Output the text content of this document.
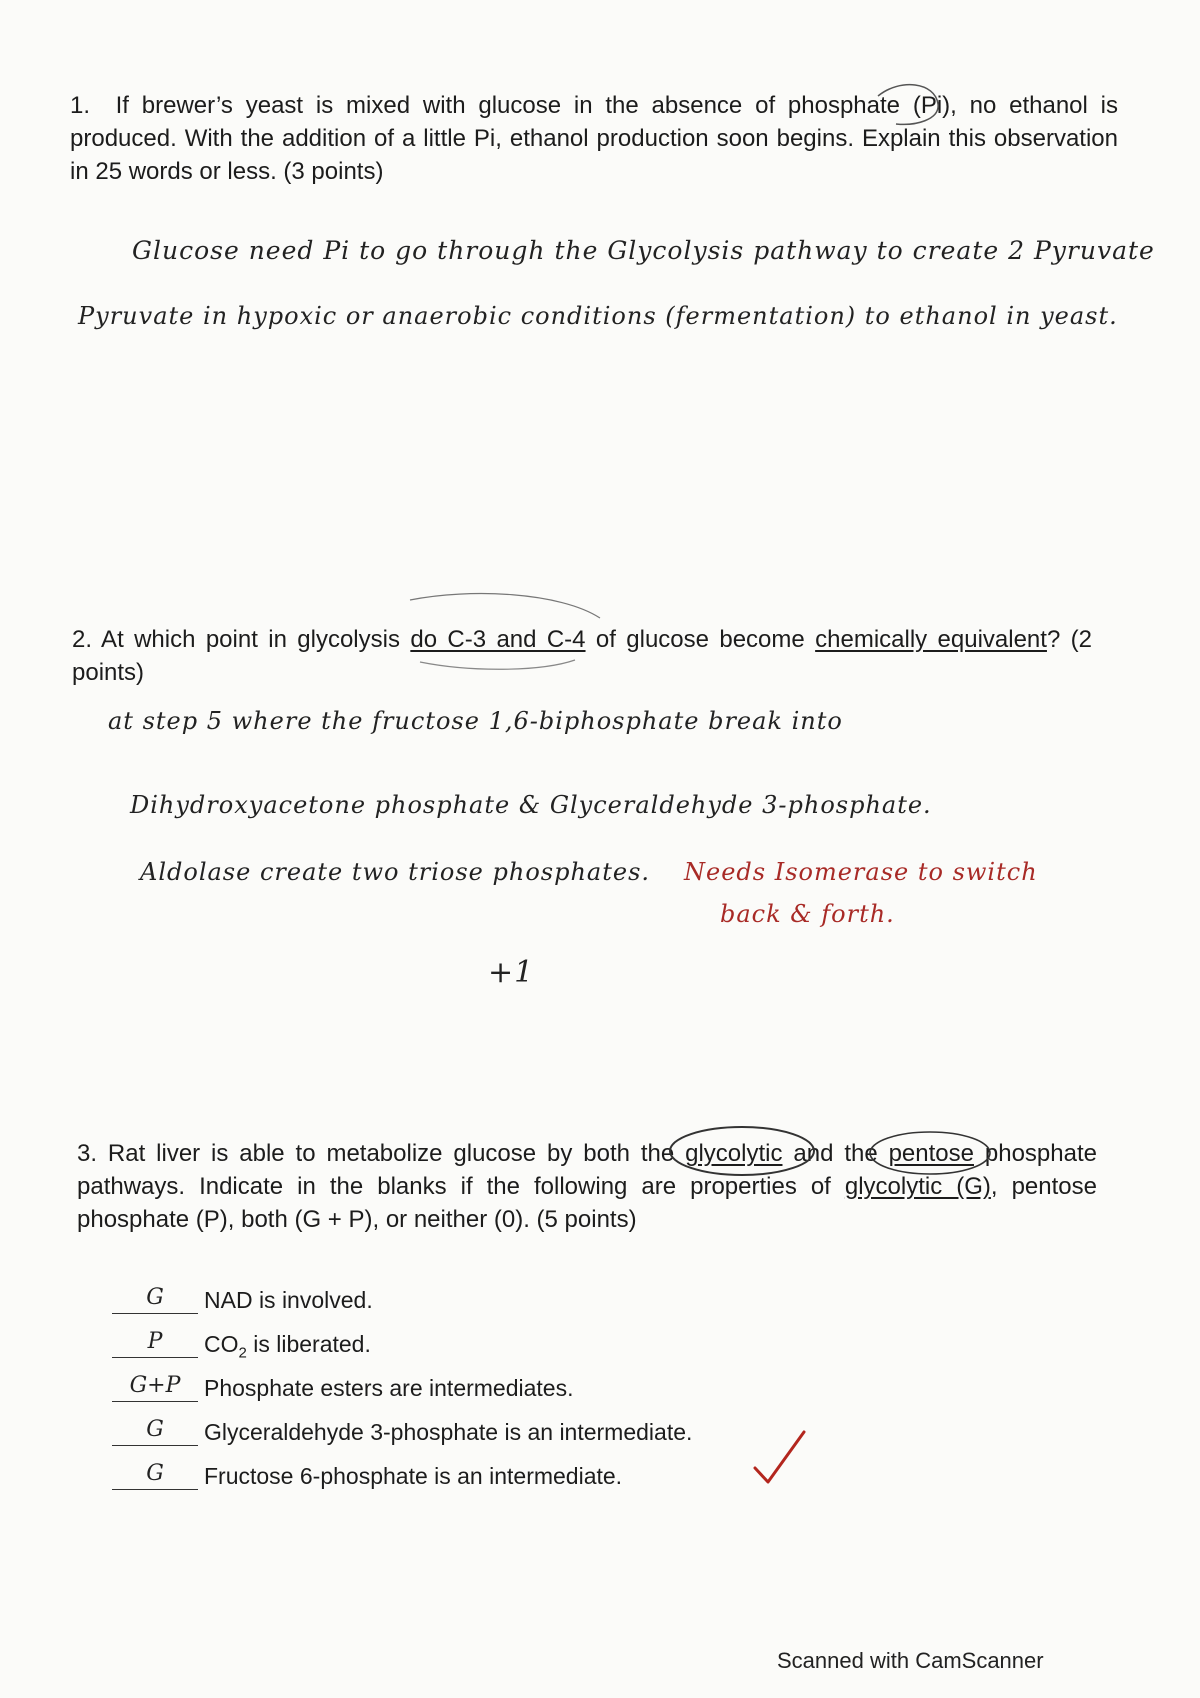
1. If brewer’s yeast is mixed with glucose in the absence of phosphate (Pi), no ethanol is produced. With the addition of a little Pi, ethanol production soon begins. Explain this observation in 25 words or less. (3 points)

Glucose need Pi to go through the Glycolysis pathway to create 2 Pyruvate

Pyruvate in hypoxic or anaerobic conditions (fermentation) to ethanol in yeast.

2. At which point in glycolysis do C-3 and C-4 of glucose become chemically equivalent? (2 points)

at step 5 where the fructose 1,6-biphosphate break into

Dihydroxyacetone phosphate & Glyceraldehyde 3-phosphate.

Aldolase create two triose phosphates. Needs Isomerase to switch

back & forth.

+1

3. Rat liver is able to metabolize glucose by both the glycolytic and the pentose phosphate pathways. Indicate in the blanks if the following are properties of glycolytic (G), pentose phosphate (P), both (G + P), or neither (0). (5 points)

G	NAD is involved.
P	$CO_2$ is liberated.
G+P	Phosphate esters are intermediates.
G	Glyceraldehyde 3-phosphate is an intermediate.
G	Fructose 6-phosphate is an intermediate.
Scanned with CamScanner
